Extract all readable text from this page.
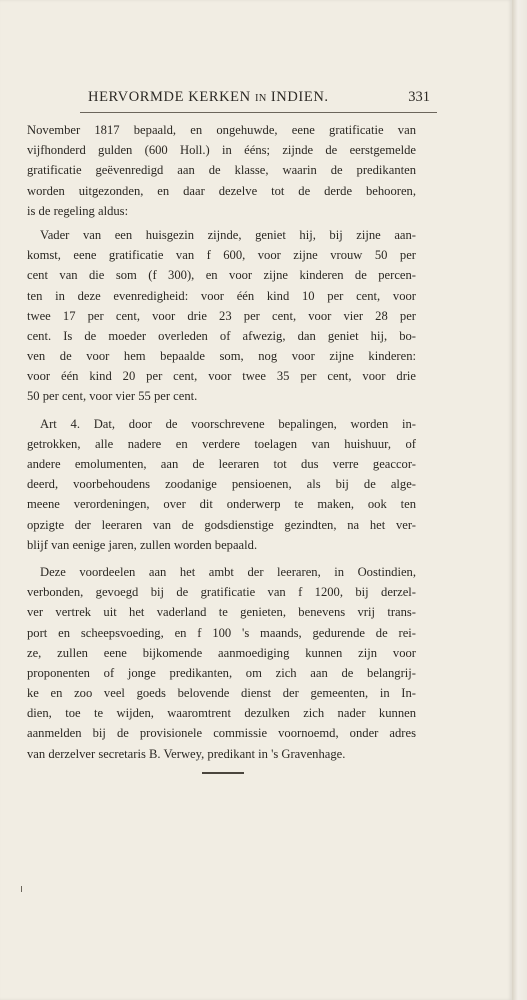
HERVORMDE KERKEN IN INDIEN.	331
November 1817 bepaald, en ongehuwde, eene gratificatie van
vijfhonderd gulden (600 Holl.) in ééns; zijnde de eerstgemelde
gratificatie geëvenredigd aan de klasse, waarin de predikanten
worden uitgezonden, en daar dezelve tot de derde behooren,
is de regeling aldus:
Vader van een huisgezin zijnde, geniet hij, bij zijne aan-
komst, eene gratificatie van f 600, voor zijne vrouw 50 per
cent van die som (f 300), en voor zijne kinderen de percen-
ten in deze evenredigheid: voor één kind 10 per cent, voor
twee 17 per cent, voor drie 23 per cent, voor vier 28 per
cent. Is de moeder overleden of afwezig, dan geniet hij, bo-
ven de voor hem bepaalde som, nog voor zijne kinderen:
voor één kind 20 per cent, voor twee 35 per cent, voor drie
50 per cent, voor vier 55 per cent.
Art 4. Dat, door de voorschrevene bepalingen, worden in-
getrokken, alle nadere en verdere toelagen van huishuur, of
andere emolumenten, aan de leeraren tot dus verre geaccor-
deerd, voorbehoudens zoodanige pensioenen, als bij de alge-
meene verordeningen, over dit onderwerp te maken, ook ten
opzigte der leeraren van de godsdienstige gezindten, na het ver-
blijf van eenige jaren, zullen worden bepaald.
Deze voordeelen aan het ambt der leeraren, in Oostindien,
verbonden, gevoegd bij de gratificatie van f 1200, bij derzel-
ver vertrek uit het vaderland te genieten, benevens vrij trans-
port en scheepsvoeding, en f 100 's maands, gedurende de rei-
ze, zullen eene bijkomende aanmoediging kunnen zijn voor
proponenten of jonge predikanten, om zich aan de belangrij-
ke en zoo veel goeds belovende dienst der gemeenten, in In-
dien, toe te wijden, waaromtrent dezulken zich nader kunnen
aanmelden bij de provisionele commissie voornoemd, onder adres
van derzelver secretaris B. Verwey, predikant in 's Gravenhage.
